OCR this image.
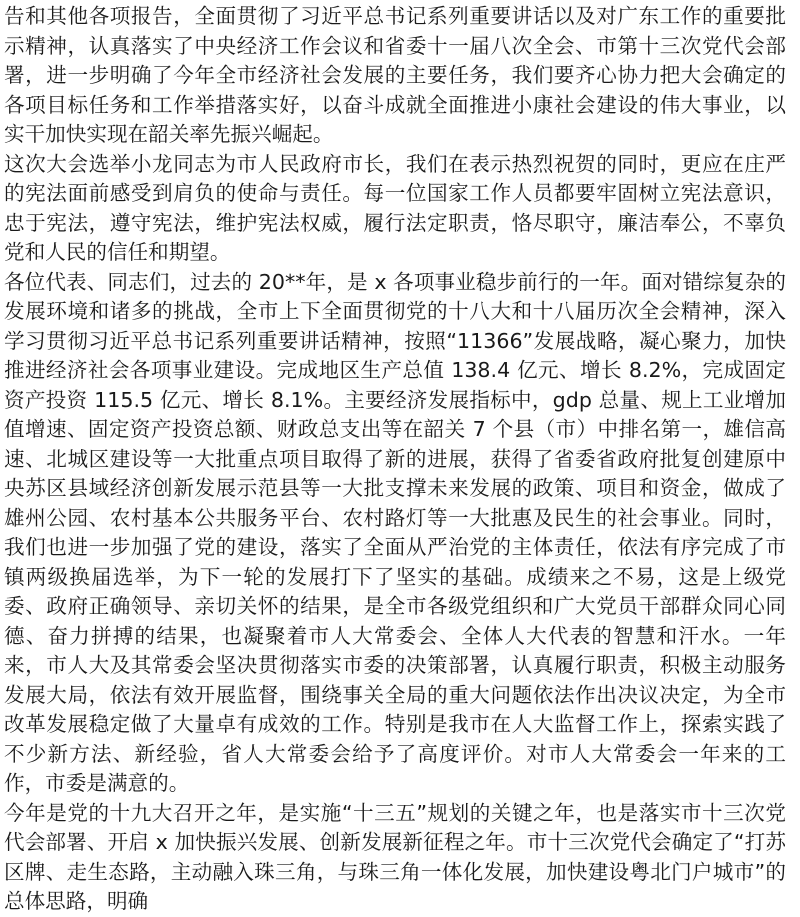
告和其他各项报告，全面贯彻了习近平总书记系列重要讲话以及对广东工作的重要批示精神，认真落实了中央经济工作会议和省委十一届八次全会、市第十三次党代会部署，进一步明确了今年全市经济社会发展的主要任务，我们要齐心协力把大会确定的各项目标任务和工作举措落实好，以奋斗成就全面推进小康社会建设的伟大事业，以实干加快实现在韶关率先振兴崛起。

这次大会选举小龙同志为市人民政府市长，我们在表示热烈祝贺的同时，更应在庄严的宪法面前感受到肩负的使命与责任。每一位国家工作人员都要牢固树立宪法意识，忠于宪法，遵守宪法，维护宪法权威，履行法定职责，恪尽职守，廉洁奉公，不辜负党和人民的信任和期望。

各位代表、同志们，过去的 20**年，是 x 各项事业稳步前行的一年。面对错综复杂的发展环境和诸多的挑战，全市上下全面贯彻党的十八大和十八届历次全会精神，深入学习贯彻习近平总书记系列重要讲话精神，按照“11366”发展战略，凝心聚力，加快推进经济社会各项事业建设。完成地区生产总值 138.4 亿元、增长 8.2%，完成固定资产投资 115.5 亿元、增长 8.1%。主要经济发展指标中，gdp 总量、规上工业增加值增速、固定资产投资总额、财政总支出等在韶关 7 个县（市）中排名第一，雄信高速、北城区建设等一大批重点项目取得了新的进展，获得了省委省政府批复创建原中央苏区县域经济创新发展示范县等一大批支撑未来发展的政策、项目和资金，做成了雄州公园、农村基本公共服务平台、农村路灯等一大批惠及民生的社会事业。同时，我们也进一步加强了党的建设，落实了全面从严治党的主体责任，依法有序完成了市镇两级换届选举，为下一轮的发展打下了坚实的基础。成绩来之不易，这是上级党委、政府正确领导、亲切关怀的结果，是全市各级党组织和广大党员干部群众同心同德、奋力拼搏的结果，也凝聚着市人大常委会、全体人大代表的智慧和汗水。一年来，市人大及其常委会坚决贯彻落实市委的决策部署，认真履行职责，积极主动服务发展大局，依法有效开展监督，围绕事关全局的重大问题依法作出决议决定，为全市改革发展稳定做了大量卓有成效的工作。特别是我市在人大监督工作上，探索实践了不少新方法、新经验，省人大常委会给予了高度评价。对市人大常委会一年来的工作，市委是满意的。

今年是党的十九大召开之年，是实施“十三五”规划的关键之年，也是落实市十三次党代会部署、开启 x 加快振兴发展、创新发展新征程之年。市十三次党代会确定了“打苏区牌、走生态路，主动融入珠三角，与珠三角一体化发展，加快建设粤北门户城市”的总体思路，明确
